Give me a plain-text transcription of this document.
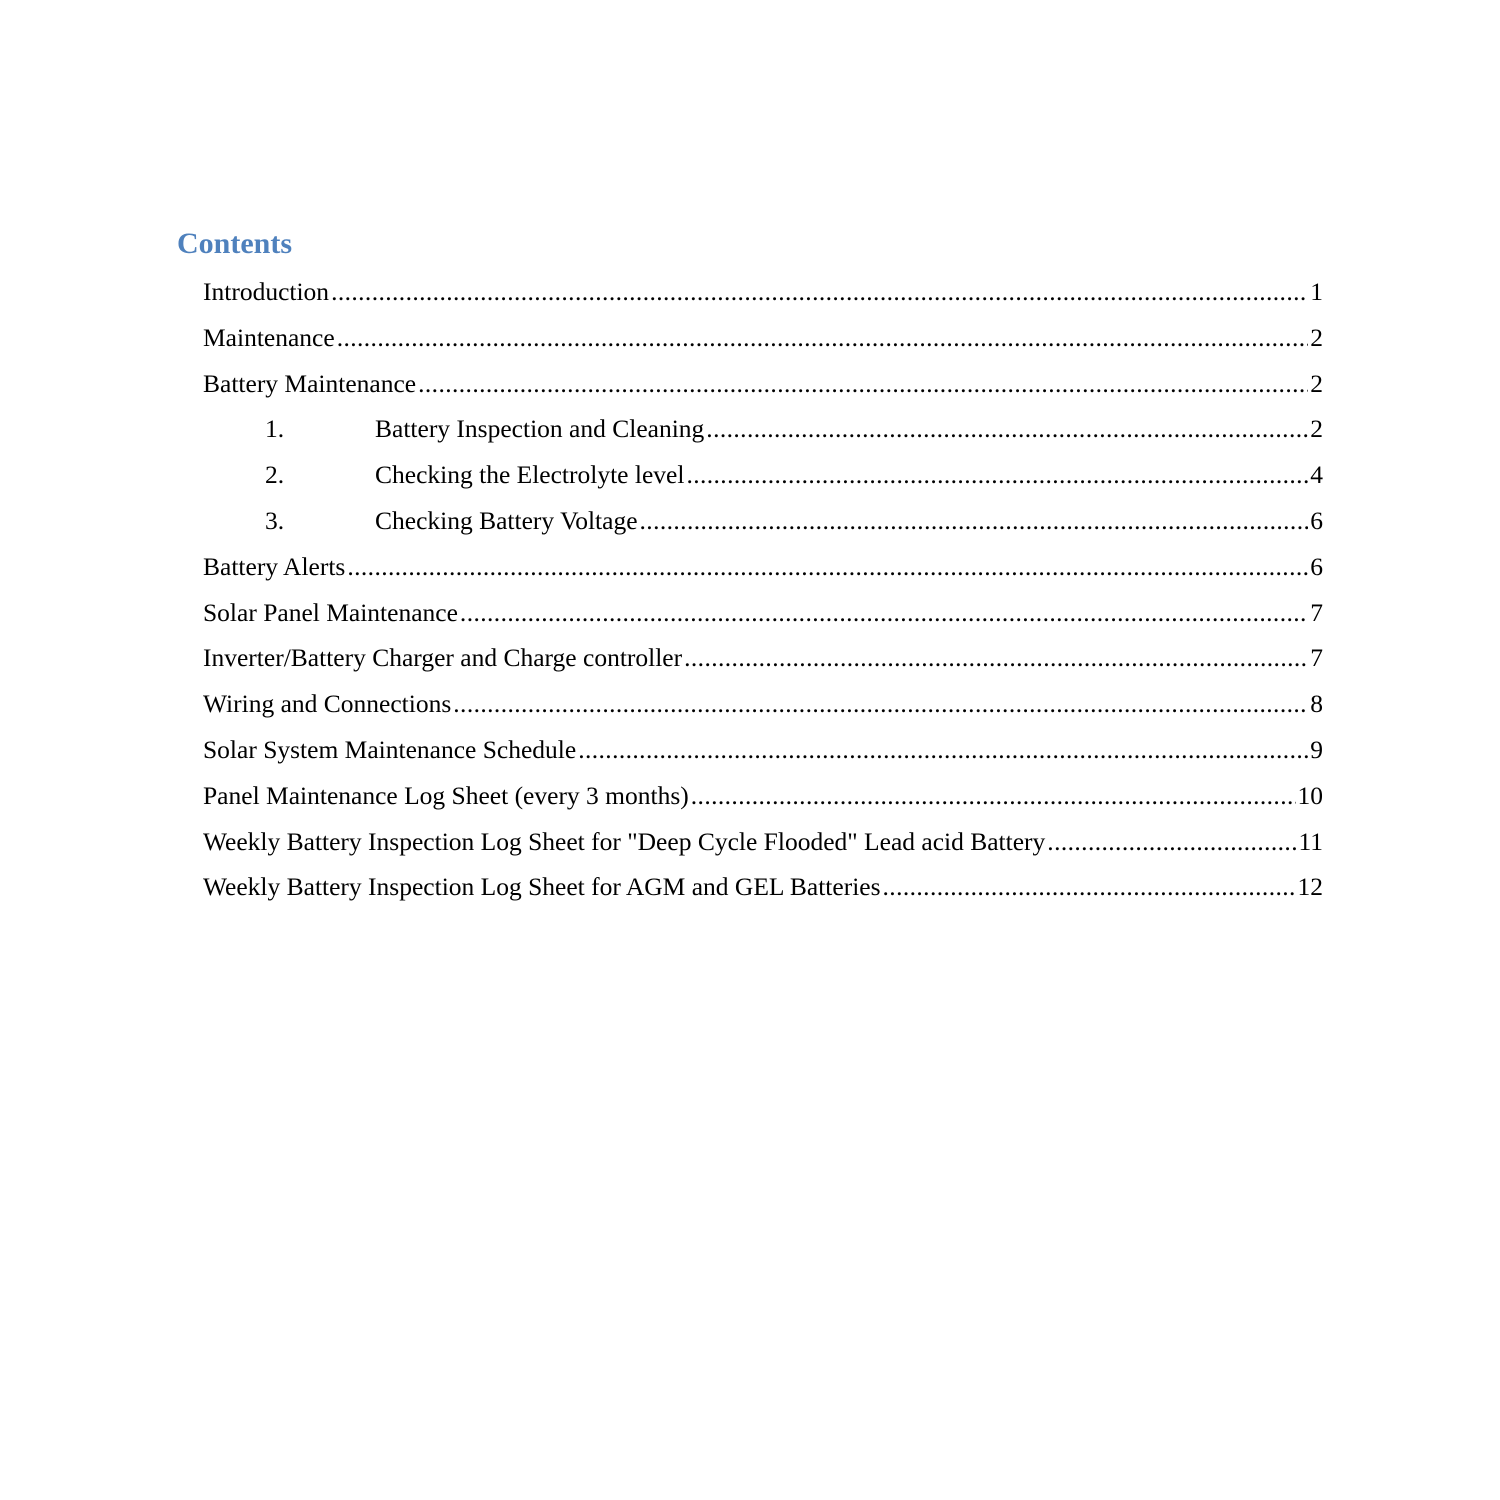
Contents
Introduction .....	1
Maintenance .....	2
Battery Maintenance .....	2
1.	Battery Inspection and Cleaning .....	2
2.	Checking the Electrolyte level .....	4
3.	Checking Battery Voltage .....	6
Battery Alerts .....	6
Solar Panel Maintenance .....	7
Inverter/Battery Charger and Charge controller .....	7
Wiring and Connections .....	8
Solar System Maintenance Schedule .....	9
Panel Maintenance Log Sheet (every 3 months) .....	10
Weekly Battery Inspection Log Sheet for "Deep Cycle Flooded" Lead acid Battery .....	11
Weekly Battery Inspection Log Sheet for AGM and GEL Batteries .....	12
